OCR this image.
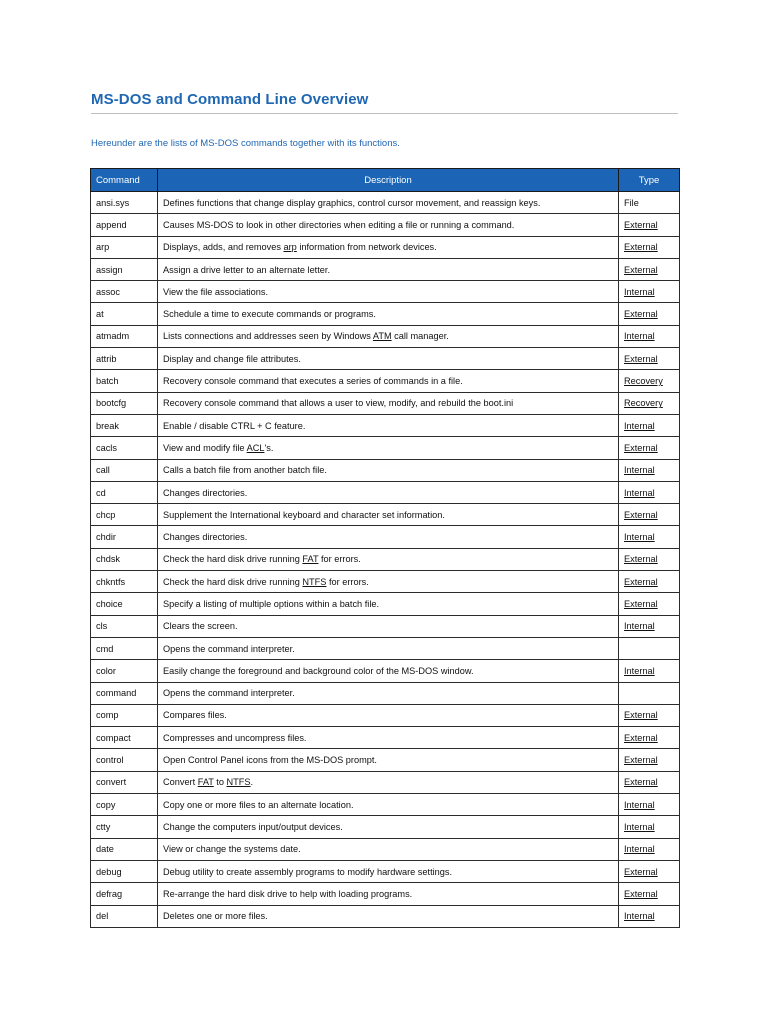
MS-DOS and Command Line Overview
Hereunder are the lists of MS-DOS commands together with its functions.
Command	Description	Type
ansi.sys	Defines functions that change display graphics, control cursor movement, and reassign keys.	File
append	Causes MS-DOS to look in other directories when editing a file or running a command.	External
arp	Displays, adds, and removes arp information from network devices.	External
assign	Assign a drive letter to an alternate letter.	External
assoc	View the file associations.	Internal
at	Schedule a time to execute commands or programs.	External
atmadm	Lists connections and addresses seen by Windows ATM call manager.	Internal
attrib	Display and change file attributes.	External
batch	Recovery console command that executes a series of commands in a file.	Recovery
bootcfg	Recovery console command that allows a user to view, modify, and rebuild the boot.ini	Recovery
break	Enable / disable CTRL + C feature.	Internal
cacls	View and modify file ACL's.	External
call	Calls a batch file from another batch file.	Internal
cd	Changes directories.	Internal
chcp	Supplement the International keyboard and character set information.	External
chdir	Changes directories.	Internal
chdsk	Check the hard disk drive running FAT for errors.	External
chkntfs	Check the hard disk drive running NTFS for errors.	External
choice	Specify a listing of multiple options within a batch file.	External
cls	Clears the screen.	Internal
cmd	Opens the command interpreter.	
color	Easily change the foreground and background color of the MS-DOS window.	Internal
command	Opens the command interpreter.	
comp	Compares files.	External
compact	Compresses and uncompress files.	External
control	Open Control Panel icons from the MS-DOS prompt.	External
convert	Convert FAT to NTFS.	External
copy	Copy one or more files to an alternate location.	Internal
ctty	Change the computers input/output devices.	Internal
date	View or change the systems date.	Internal
debug	Debug utility to create assembly programs to modify hardware settings.	External
defrag	Re-arrange the hard disk drive to help with loading programs.	External
del	Deletes one or more files.	Internal
